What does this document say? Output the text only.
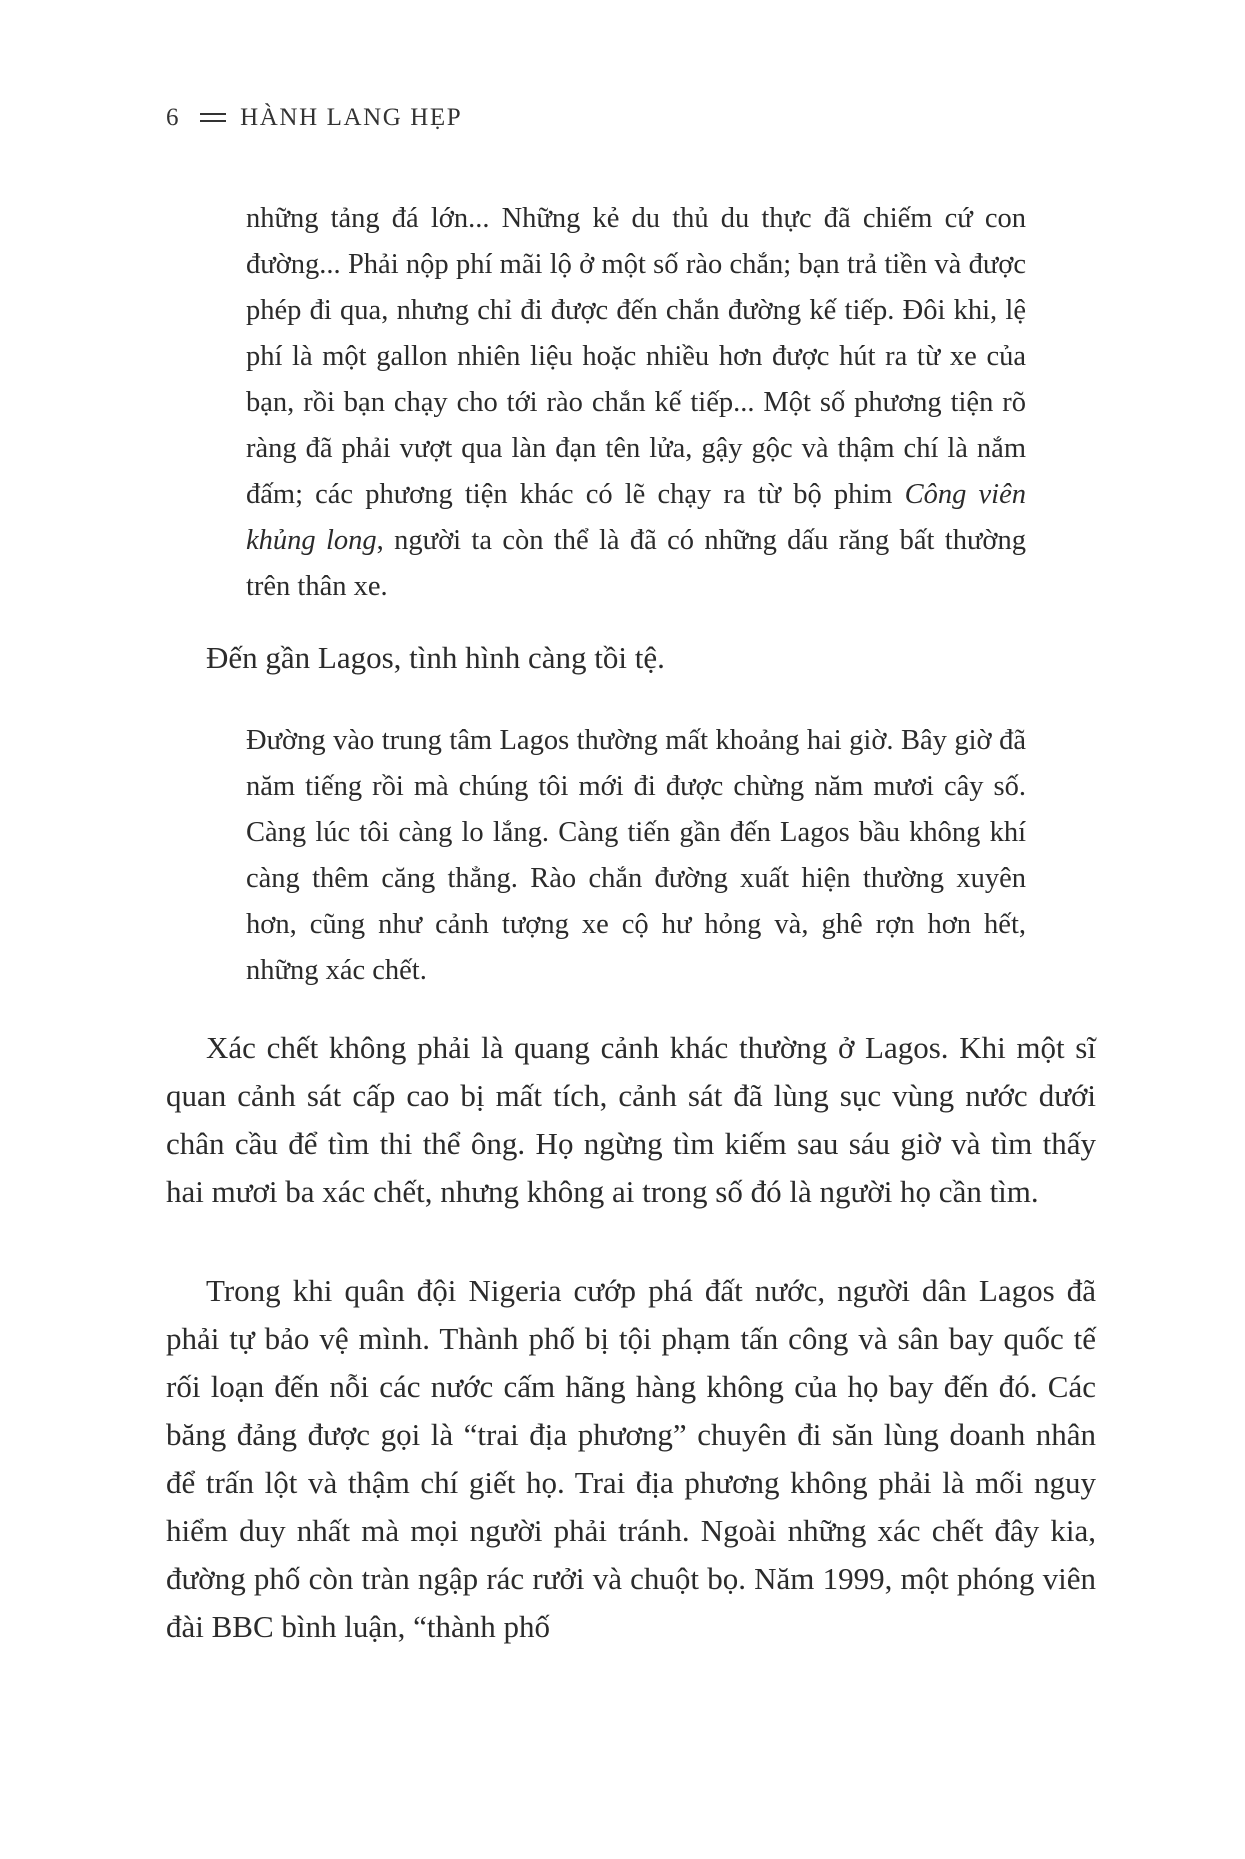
6 HÀNH LANG HẸP

những tảng đá lớn... Những kẻ du thủ du thực đã chiếm cứ con đường... Phải nộp phí mãi lộ ở một số rào chắn; bạn trả tiền và được phép đi qua, nhưng chỉ đi được đến chắn đường kế tiếp. Đôi khi, lệ phí là một gallon nhiên liệu hoặc nhiều hơn được hút ra từ xe của bạn, rồi bạn chạy cho tới rào chắn kế tiếp... Một số phương tiện rõ ràng đã phải vượt qua làn đạn tên lửa, gậy gộc và thậm chí là nắm đấm; các phương tiện khác có lẽ chạy ra từ bộ phim Công viên khủng long, người ta còn thể là đã có những dấu răng bất thường trên thân xe.

Đến gần Lagos, tình hình càng tồi tệ.

Đường vào trung tâm Lagos thường mất khoảng hai giờ. Bây giờ đã năm tiếng rồi mà chúng tôi mới đi được chừng năm mươi cây số. Càng lúc tôi càng lo lắng. Càng tiến gần đến Lagos bầu không khí càng thêm căng thẳng. Rào chắn đường xuất hiện thường xuyên hơn, cũng như cảnh tượng xe cộ hư hỏng và, ghê rợn hơn hết, những xác chết.

Xác chết không phải là quang cảnh khác thường ở Lagos. Khi một sĩ quan cảnh sát cấp cao bị mất tích, cảnh sát đã lùng sục vùng nước dưới chân cầu để tìm thi thể ông. Họ ngừng tìm kiếm sau sáu giờ và tìm thấy hai mươi ba xác chết, nhưng không ai trong số đó là người họ cần tìm.

Trong khi quân đội Nigeria cướp phá đất nước, người dân Lagos đã phải tự bảo vệ mình. Thành phố bị tội phạm tấn công và sân bay quốc tế rối loạn đến nỗi các nước cấm hãng hàng không của họ bay đến đó. Các băng đảng được gọi là “trai địa phương” chuyên đi săn lùng doanh nhân để trấn lột và thậm chí giết họ. Trai địa phương không phải là mối nguy hiểm duy nhất mà mọi người phải tránh. Ngoài những xác chết đây kia, đường phố còn tràn ngập rác rưởi và chuột bọ. Năm 1999, một phóng viên đài BBC bình luận, “thành phố
